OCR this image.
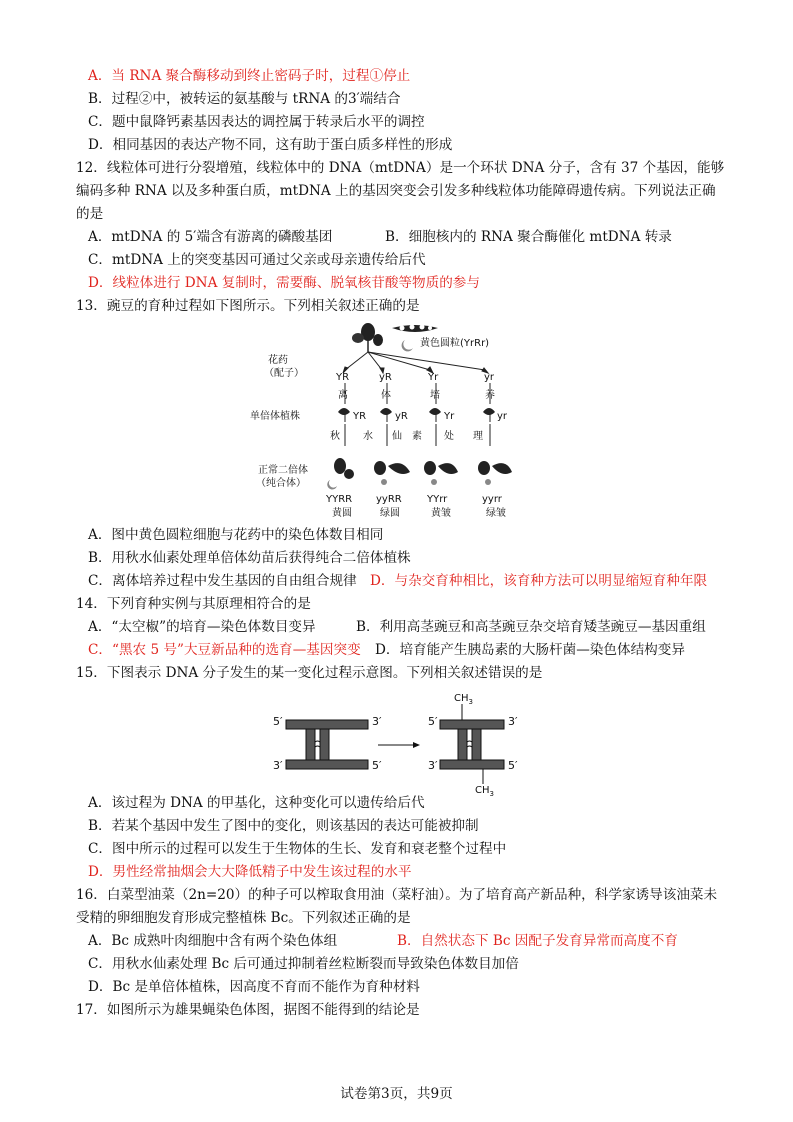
A．当 RNA 聚合酶移动到终止密码子时，过程①停止
B．过程②中，被转运的氨基酸与 tRNA 的3′端结合
C．题中鼠降钙素基因表达的调控属于转录后水平的调控
D．相同基因的表达产物不同，这有助于蛋白质多样性的形成
12．线粒体可进行分裂增殖，线粒体中的 DNA（mtDNA）是一个环状 DNA 分子，含有 37 个基因，能够
编码多种 RNA 以及多种蛋白质，mtDNA 上的基因突变会引发多种线粒体功能障碍遗传病。下列说法正确
的是
A．mtDNA 的 5′端含有游离的磷酸基团	B．细胞核内的 RNA 聚合酶催化 mtDNA 转录
C．mtDNA 上的突变基因可通过父亲或母亲遗传给后代
D．线粒体进行 DNA 复制时，需要酶、脱氧核苷酸等物质的参与
13．豌豆的育种过程如下图所示。下列相关叙述正确的是
A．图中黄色圆粒细胞与花药中的染色体数目相同
B．用秋水仙素处理单倍体幼苗后获得纯合二倍体植株
C．离体培养过程中发生基因的自由组合规律 D．与杂交育种相比，该育种方法可以明显缩短育种年限
14．下列育种实例与其原理相符合的是
A．“太空椒”的培育—染色体数目变异	B．利用高茎豌豆和高茎豌豆杂交培育矮茎豌豆—基因重组
C．“黑农 5 号”大豆新品种的选育—基因突变 D．培育能产生胰岛素的大肠杆菌—染色体结构变异
15．下图表示 DNA 分子发生的某一变化过程示意图。下列相关叙述错误的是
A．该过程为 DNA 的甲基化，这种变化可以遗传给后代
B．若某个基因中发生了图中的变化，则该基因的表达可能被抑制
C．图中所示的过程可以发生于生物体的生长、发育和衰老整个过程中
D．男性经常抽烟会大大降低精子中发生该过程的水平
16．白菜型油菜（2n=20）的种子可以榨取食用油（菜籽油）。为了培育高产新品种，科学家诱导该油菜未
受精的卵细胞发育形成完整植株 Bc。下列叙述正确的是
A．Bc 成熟叶肉细胞中含有两个染色体组	B．自然状态下 Bc 因配子发育异常而高度不育
C．用秋水仙素处理 Bc 后可通过抑制着丝粒断裂而导致染色体数目加倍
D．Bc 是单倍体植株，因高度不育而不能作为育种材料
17．如图所示为雄果蝇染色体图，据图不能得到的结论是
黄色圆粒(YrRr)
花药
（配子）	YR	yR	Yr	yr
离	体	培	养
单倍体植株	YR	yR	Yr	yr
秋 水 仙 素 处 理
正常二倍体
（纯合体）
YYRR yyRR	YYrr	yyrr
黄圆	绿圆	黄皱	绿皱
5′	3′
3′	5′
$CH_3$
$CH_3$
5′	3′
3′	5′
试卷第3页，共9页
